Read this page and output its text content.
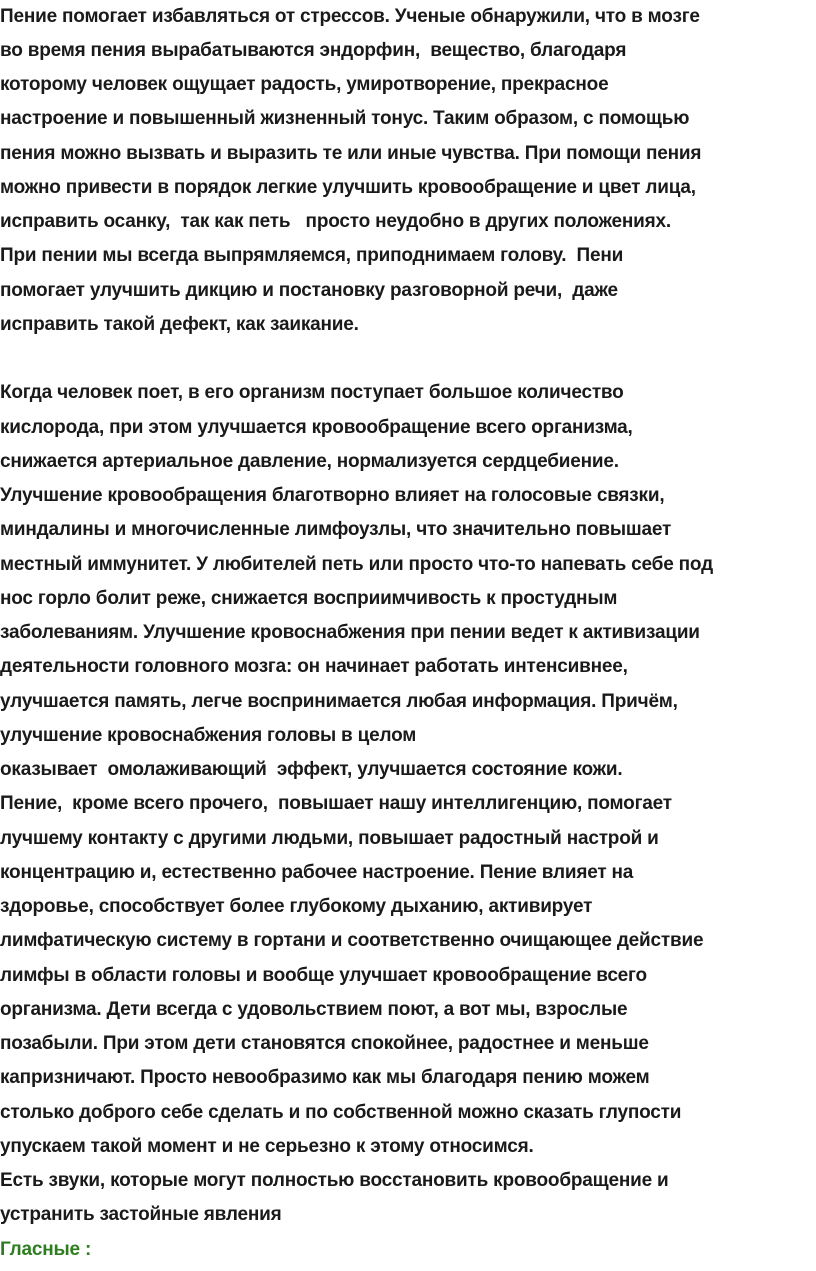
Пение помогает избавляться от стрессов. Ученые обнаружили, что в мозге
во время пения вырабатываются эндорфин,  вещество, благодаря
которому человек ощущает радость, умиротворение, прекрасное
настроение и повышенный жизненный тонус. Таким образом, с помощью
пения можно вызвать и выразить те или иные чувства. При помощи пения
можно привести в порядок легкие улучшить кровообращение и цвет лица,
исправить осанку,  так как петь   просто неудобно в других положениях.
При пении мы всегда выпрямляемся, приподнимаем голову.  Пени
помогает улучшить дикцию и постановку разговорной речи,  даже
исправить такой дефект, как заикание.
Когда человек поет, в его организм поступает большое количество
кислорода, при этом улучшается кровообращение всего организма,
снижается артериальное давление, нормализуется сердцебиение.
Улучшение кровообращения благотворно влияет на голосовые связки,
миндалины и многочисленные лимфоузлы, что значительно повышает
местный иммунитет. У любителей петь или просто что-то напевать себе под
нос горло болит реже, снижается восприимчивость к простудным
заболеваниям. Улучшение кровоснабжения при пении ведет к активизации
деятельности головного мозга: он начинает работать интенсивнее,
улучшается память, легче воспринимается любая информация. Причём,
улучшение кровоснабжения головы в целом
оказывает  омолаживающий  эффект, улучшается состояние кожи.
Пение,  кроме всего прочего,  повышает нашу интеллигенцию, помогает
лучшему контакту с другими людьми, повышает радостный настрой и
концентрацию и, естественно рабочее настроение. Пение влияет на
здоровье, способствует более глубокому дыханию, активирует
лимфатическую систему в гортани и соответственно очищающее действие
лимфы в области головы и вообще улучшает кровообращение всего
организма. Дети всегда с удовольствием поют, а вот мы, взрослые
позабыли. При этом дети становятся спокойнее, радостнее и меньше
капризничают. Просто невообразимо как мы благодаря пению можем
столько доброго себе сделать и по собственной можно сказать глупости
упускаем такой момент и не серьезно к этому относимся.
Есть звуки, которые могут полностью восстановить кровообращение и
устранить застойные явления
Гласные :
